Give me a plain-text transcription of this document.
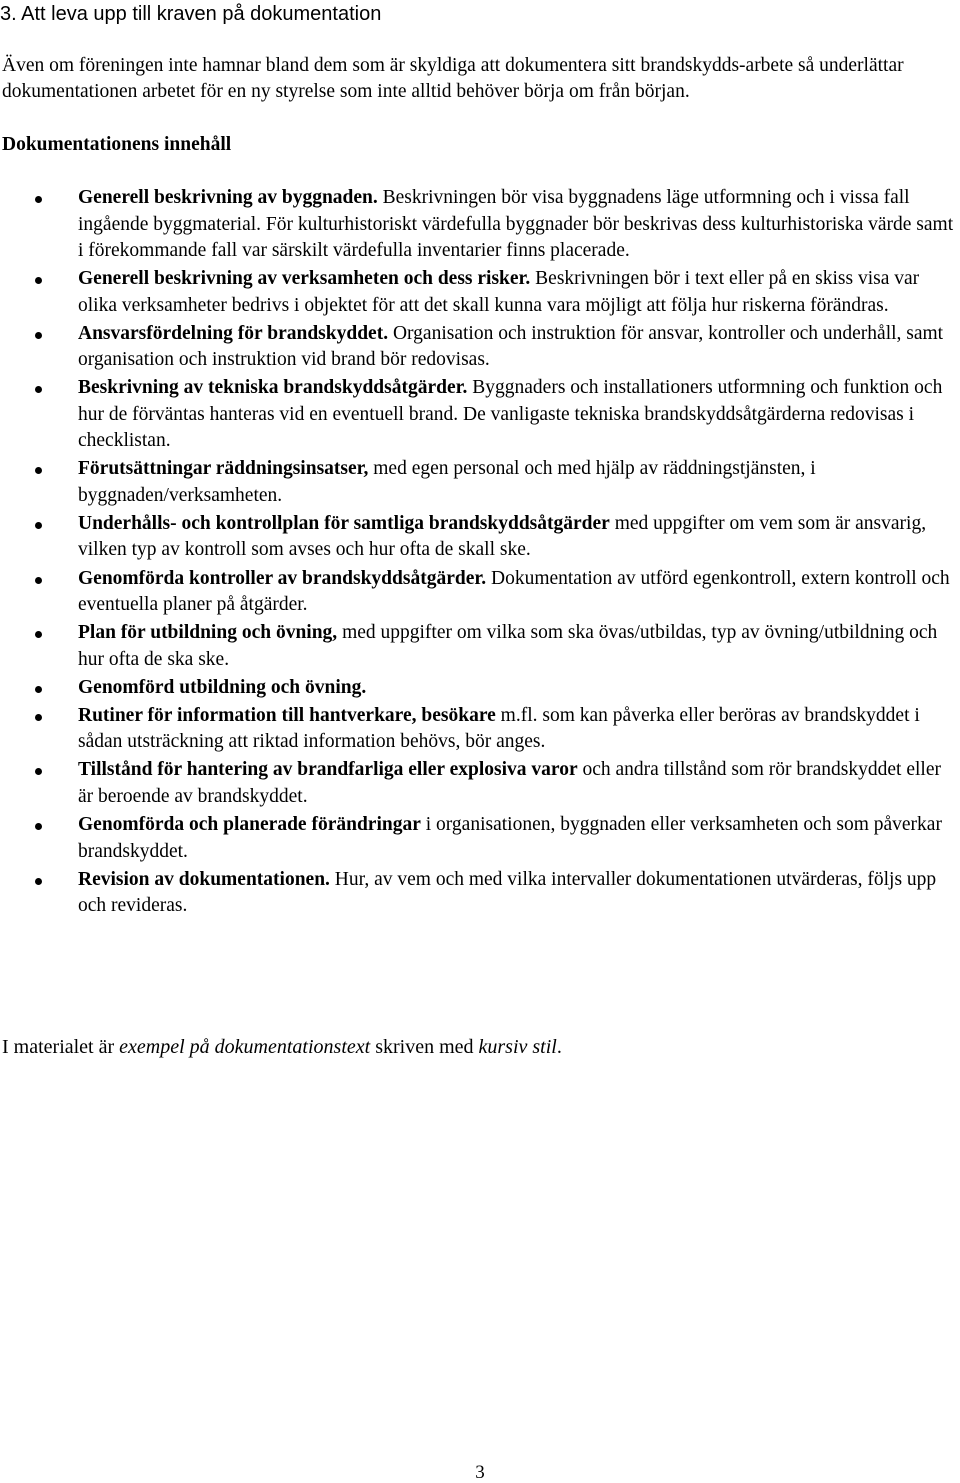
3. Att leva upp till kraven på dokumentation

Även om föreningen inte hamnar bland dem som är skyldiga att dokumentera sitt brandskydds-arbete så underlättar dokumentationen arbetet för en ny styrelse som inte alltid behöver börja om från början.

Dokumentationens innehåll

Generell beskrivning av byggnaden. Beskrivningen bör visa byggnadens läge utformning och i vissa fall ingående byggmaterial. För kulturhistoriskt värdefulla byggnader bör beskrivas dess kulturhistoriska värde samt i förekommande fall var särskilt värdefulla inventarier finns placerade.
Generell beskrivning av verksamheten och dess risker. Beskrivningen bör i text eller på en skiss visa var olika verksamheter bedrivs i objektet för att det skall kunna vara möjligt att följa hur riskerna förändras.
Ansvarsfördelning för brandskyddet. Organisation och instruktion för ansvar, kontroller och underhåll, samt organisation och instruktion vid brand bör redovisas.
Beskrivning av tekniska brandskyddsåtgärder. Byggnaders och installationers utformning och funktion och hur de förväntas hanteras vid en eventuell brand. De vanligaste tekniska brandskyddsåtgärderna redovisas i checklistan.
Förutsättningar räddningsinsatser, med egen personal och med hjälp av räddningstjänsten, i byggnaden/verksamheten.
Underhålls- och kontrollplan för samtliga brandskyddsåtgärder med uppgifter om vem som är ansvarig, vilken typ av kontroll som avses och hur ofta de skall ske.
Genomförda kontroller av brandskyddsåtgärder. Dokumentation av utförd egenkontroll, extern kontroll och eventuella planer på åtgärder.
Plan för utbildning och övning, med uppgifter om vilka som ska övas/utbildas, typ av övning/utbildning och hur ofta de ska ske.
Genomförd utbildning och övning.
Rutiner för information till hantverkare, besökare m.fl. som kan påverka eller beröras av brandskyddet i sådan utsträckning att riktad information behövs, bör anges.
Tillstånd för hantering av brandfarliga eller explosiva varor och andra tillstånd som rör brandskyddet eller är beroende av brandskyddet.
Genomförda och planerade förändringar i organisationen, byggnaden eller verksamheten och som påverkar brandskyddet.
Revision av dokumentationen. Hur, av vem och med vilka intervaller dokumentationen utvärderas, följs upp och revideras.

I materialet är exempel på dokumentationstext skriven med kursiv stil.

3
